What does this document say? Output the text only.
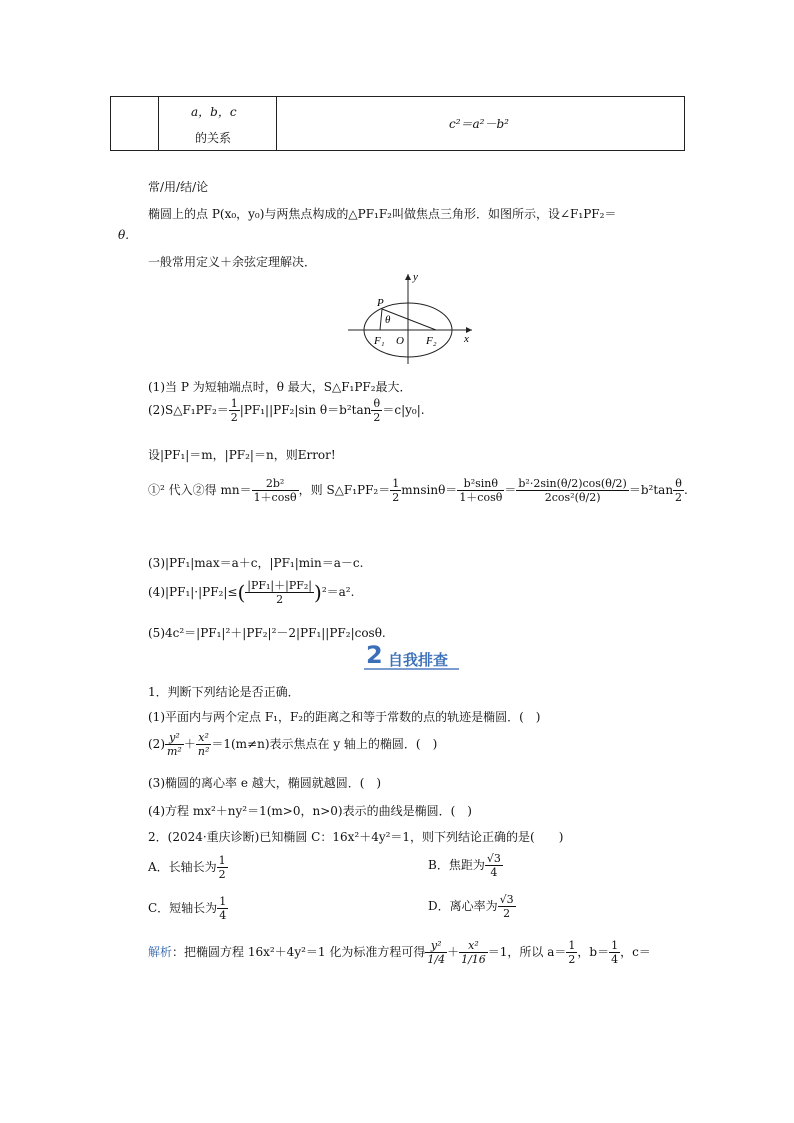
a，b，c
的关系
c²＝a²－b²
常/用/结/论
椭圆上的点 P(x₀，y₀)与两焦点构成的△PF₁F₂叫做焦点三角形．如图所示，设∠F₁PF₂＝
θ.
一般常用定义＋余弦定理解决．
y
x
P
θ
F₁ O F₂
(1)当 P 为短轴端点时，θ 最大，S△F₁PF₂最大．
(2)S△F₁PF₂＝ $\frac{1}{2} |PF_1||PF_2|\sin$ $\theta=b^2\tan \frac{\theta}{2} =c|y_0|$.
设|PF₁|＝m，|PF₂|＝n，则Error!
①² 代入②得 $mn= \frac{\text{2b²}}{1+\cos\theta}$ ，则 S△F₁PF₂＝ $\frac{1}{2} mnsin\theta= \frac{\text{b²sinθ}}{1+\cos\theta} = \frac{\text{b²·2sin(θ/2)cos(θ/2)}}{\text{2cos²(θ/2)}} =b^2\tan \frac{\theta}{2}$ .
(3)|PF₁|max＝a＋c，|PF₁|min＝a－c.
$(4)|PF_1|\cdot|PF_2|\le( \frac{\text{|PF₁|＋|PF₂|}}{2} )^2=a^2$.
(5)4c²＝|PF₁|²＋|PF₂|²－2|PF₁||PF₂|cosθ.
2 自我排查
1．判断下列结论是否正确．
(1)平面内与两个定点 F₁，F₂的距离之和等于常数的点的轨迹是椭圆．(　)
$(2) \frac{\text{y²}}{\text{m²}} + \frac{\text{x²}}{\text{n²}} =1(m\ne n)$表示焦点在 y 轴上的椭圆．(　)
(3)椭圆的离心率 e 越大，椭圆就越圆．(　)
(4)方程 mx²＋ny²＝1(m>0，n>0)表示的曲线是椭圆．(　)
2．(2024·重庆诊断)已知椭圆 C：16x²＋4y²＝1，则下列结论正确的是(　　)
A．长轴长为 $\frac{1}{2}$	B．焦距为 $\frac{√3}{4}$
C．短轴长为 $\frac{1}{4}$	D．离心率为 $\frac{√3}{2}$
解析：把椭圆方程 16x²＋4y²＝1 化为标准方程可得 $\frac{\text{y²}}{1/4} + \frac{\text{x²}}{1/16} =1$，所以 $a= \frac{1}{2}$ ，$b= \frac{1}{4}$ ，c＝
